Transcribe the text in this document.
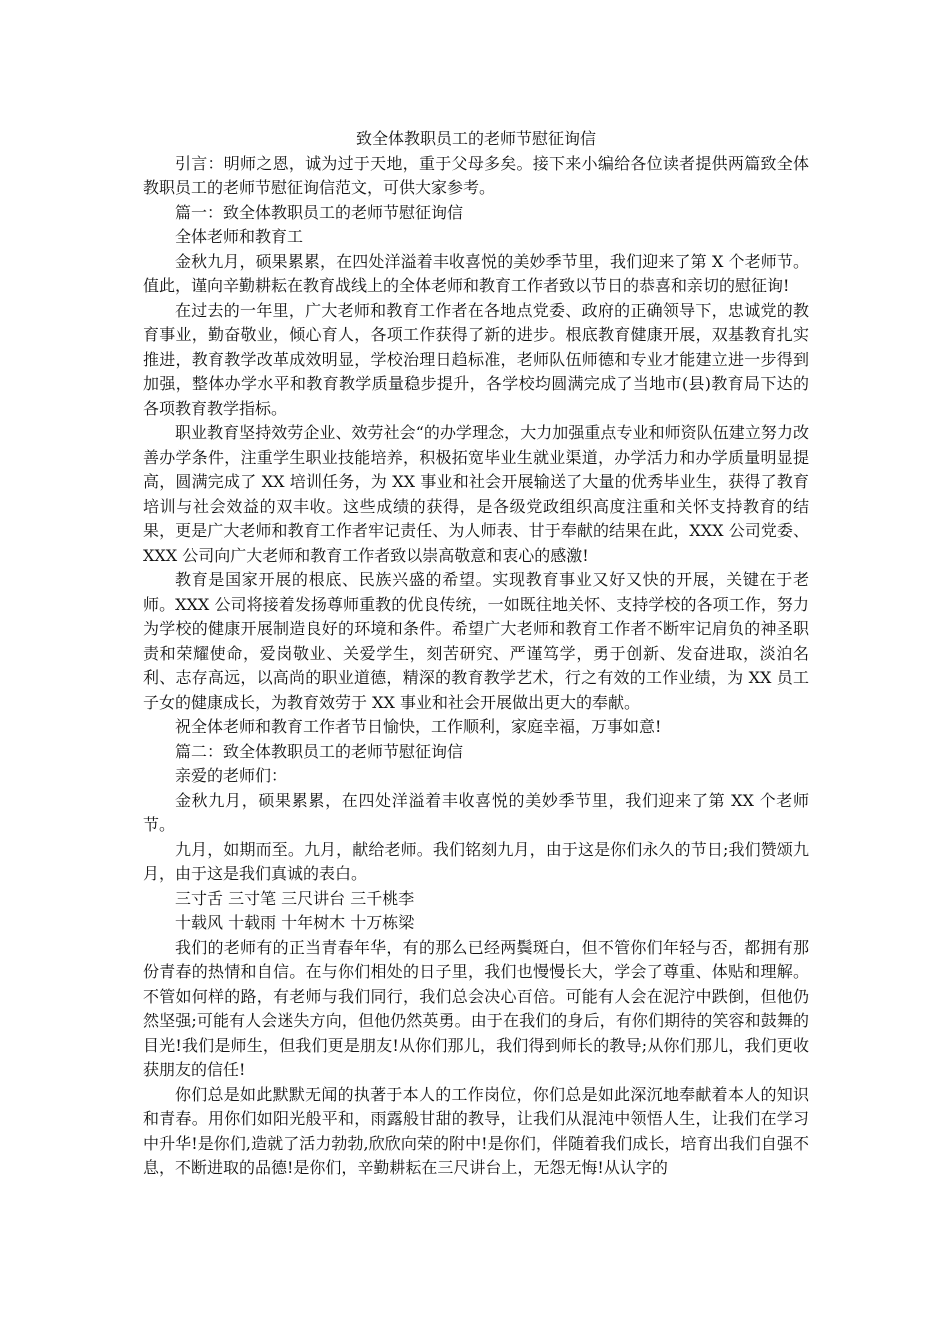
致全体教职员工的老师节慰征询信

引言：明师之恩，诚为过于天地，重于父母多矣。接下来小编给各位读者提供两篇致全体教职员工的老师节慰征询信范文，可供大家参考。

篇一：致全体教职员工的老师节慰征询信

全体老师和教育工

金秋九月，硕果累累，在四处洋溢着丰收喜悦的美妙季节里，我们迎来了第 X 个老师节。值此，谨向辛勤耕耘在教育战线上的全体老师和教育工作者致以节日的恭喜和亲切的慰征询!

在过去的一年里，广大老师和教育工作者在各地点党委、政府的正确领导下，忠诚党的教育事业，勤奋敬业，倾心育人，各项工作获得了新的进步。根底教育健康开展，双基教育扎实推进，教育教学改革成效明显，学校治理日趋标准，老师队伍师德和专业才能建立进一步得到加强，整体办学水平和教育教学质量稳步提升，各学校均圆满完成了当地市(县)教育局下达的各项教育教学指标。

职业教育坚持效劳企业、效劳社会“的办学理念，大力加强重点专业和师资队伍建立努力改善办学条件，注重学生职业技能培养，积极拓宽毕业生就业渠道，办学活力和办学质量明显提高，圆满完成了 XX 培训任务，为 XX 事业和社会开展输送了大量的优秀毕业生，获得了教育培训与社会效益的双丰收。这些成绩的获得，是各级党政组织高度注重和关怀支持教育的结果，更是广大老师和教育工作者牢记责任、为人师表、甘于奉献的结果在此，XXX 公司党委、XXX 公司向广大老师和教育工作者致以崇高敬意和衷心的感激!

教育是国家开展的根底、民族兴盛的希望。实现教育事业又好又快的开展，关键在于老师。XXX 公司将接着发扬尊师重教的优良传统，一如既往地关怀、支持学校的各项工作，努力为学校的健康开展制造良好的环境和条件。希望广大老师和教育工作者不断牢记肩负的神圣职责和荣耀使命，爱岗敬业、关爱学生，刻苦研究、严谨笃学，勇于创新、发奋进取，淡泊名利、志存高远，以高尚的职业道德，精深的教育教学艺术，行之有效的工作业绩，为 XX 员工子女的健康成长，为教育效劳于 XX 事业和社会开展做出更大的奉献。

祝全体老师和教育工作者节日愉快，工作顺利，家庭幸福，万事如意!

篇二：致全体教职员工的老师节慰征询信

亲爱的老师们：

金秋九月，硕果累累，在四处洋溢着丰收喜悦的美妙季节里，我们迎来了第 XX 个老师节。

九月，如期而至。九月，献给老师。我们铭刻九月，由于这是你们永久的节日;我们赞颂九月，由于这是我们真诚的表白。

三寸舌 三寸笔 三尺讲台 三千桃李

十载风 十载雨 十年树木 十万栋梁

我们的老师有的正当青春年华，有的那么已经两鬓斑白，但不管你们年轻与否，都拥有那份青春的热情和自信。在与你们相处的日子里，我们也慢慢长大，学会了尊重、体贴和理解。不管如何样的路，有老师与我们同行，我们总会决心百倍。可能有人会在泥泞中跌倒，但他仍然坚强;可能有人会迷失方向，但他仍然英勇。由于在我们的身后，有你们期待的笑容和鼓舞的目光!我们是师生，但我们更是朋友!从你们那儿，我们得到师长的教导;从你们那儿，我们更收获朋友的信任!

你们总是如此默默无闻的执著于本人的工作岗位，你们总是如此深沉地奉献着本人的知识和青春。用你们如阳光般平和，雨露般甘甜的教导，让我们从混沌中领悟人生，让我们在学习中升华!是你们,造就了活力勃勃,欣欣向荣的附中!是你们，伴随着我们成长，培育出我们自强不息，不断进取的品德!是你们，辛勤耕耘在三尺讲台上，无怨无悔!从认字的
